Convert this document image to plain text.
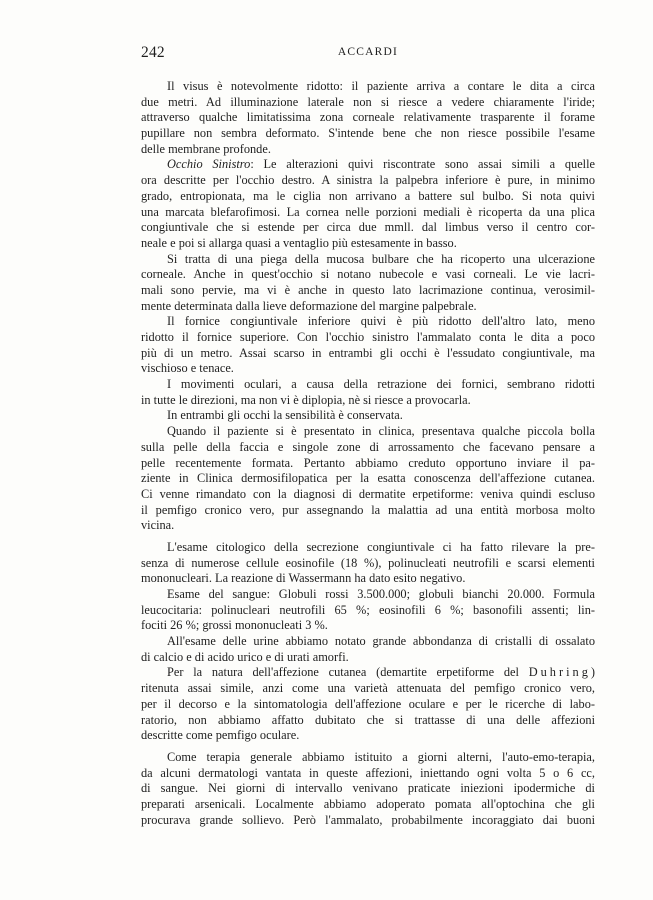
242	ACCARDI
Il visus è notevolmente ridotto: il paziente arriva a contare le dita a circa
due metri. Ad illuminazione laterale non si riesce a vedere chiaramente l'iride;
attraverso qualche limitatissima zona corneale relativamente trasparente il forame
pupillare non sembra deformato. S'intende bene che non riesce possibile l'esame
delle membrane profonde.
Occhio Sinistro: Le alterazioni quivi riscontrate sono assai simili a quelle
ora descritte per l'occhio destro. A sinistra la palpebra inferiore è pure, in minimo
grado, entropionata, ma le ciglia non arrivano a battere sul bulbo. Si nota quivi
una marcata blefarofimosi. La cornea nelle porzioni mediali è ricoperta da una plica
congiuntivale che si estende per circa due mmll. dal limbus verso il centro cor-
neale e poi si allarga quasi a ventaglio più estesamente in basso.
Si tratta di una piega della mucosa bulbare che ha ricoperto una ulcerazione
corneale. Anche in quest'occhio si notano nubecole e vasi corneali. Le vie lacri-
mali sono pervie, ma vi è anche in questo lato lacrimazione continua, verosimil-
mente determinata dalla lieve deformazione del margine palpebrale.
Il fornice congiuntivale inferiore quivi è più ridotto dell'altro lato, meno
ridotto il fornice superiore. Con l'occhio sinistro l'ammalato conta le dita a poco
più di un metro. Assai scarso in entrambi gli occhi è l'essudato congiuntivale, ma
vischioso e tenace.
I movimenti oculari, a causa della retrazione dei fornici, sembrano ridotti
in tutte le direzioni, ma non vi è diplopia, nè si riesce a provocarla.
In entrambi gli occhi la sensibilità è conservata.
Quando il paziente si è presentato in clinica, presentava qualche piccola bolla
sulla pelle della faccia e singole zone di arrossamento che facevano pensare a
pelle recentemente formata. Pertanto abbiamo creduto opportuno inviare il pa-
ziente in Clinica dermosifilopatica per la esatta conoscenza dell'affezione cutanea.
Ci venne rimandato con la diagnosi di dermatite erpetiforme: veniva quindi escluso
il pemfigo cronico vero, pur assegnando la malattia ad una entità morbosa molto
vicina.
L'esame citologico della secrezione congiuntivale ci ha fatto rilevare la pre-
senza di numerose cellule eosinofile (18 %), polinucleati neutrofili e scarsi elementi
mononucleari. La reazione di Wassermann ha dato esito negativo.
Esame del sangue: Globuli rossi 3.500.000; globuli bianchi 20.000. Formula
leucocitaria: polinucleari neutrofili 65 %; eosinofili 6 %; basonofili assenti; lin-
fociti 26 %; grossi mononucleati 3 %.
All'esame delle urine abbiamo notato grande abbondanza di cristalli di ossalato
di calcio e di acido urico e di urati amorfi.
Per la natura dell'affezione cutanea (demartite erpetiforme del Duhring)
ritenuta assai simile, anzi come una varietà attenuata del pemfigo cronico vero,
per il decorso e la sintomatologia dell'affezione oculare e per le ricerche di labo-
ratorio, non abbiamo affatto dubitato che si trattasse di una delle affezioni
descritte come pemfigo oculare.
Come terapia generale abbiamo istituito a giorni alterni, l'auto-emo-terapia,
da alcuni dermatologi vantata in queste affezioni, iniettando ogni volta 5 o 6 cc,
di sangue. Nei giorni di intervallo venivano praticate iniezioni ipodermiche di
preparati arsenicali. Localmente abbiamo adoperato pomata all'optochina che gli
procurava grande sollievo. Però l'ammalato, probabilmente incoraggiato dai buoni
